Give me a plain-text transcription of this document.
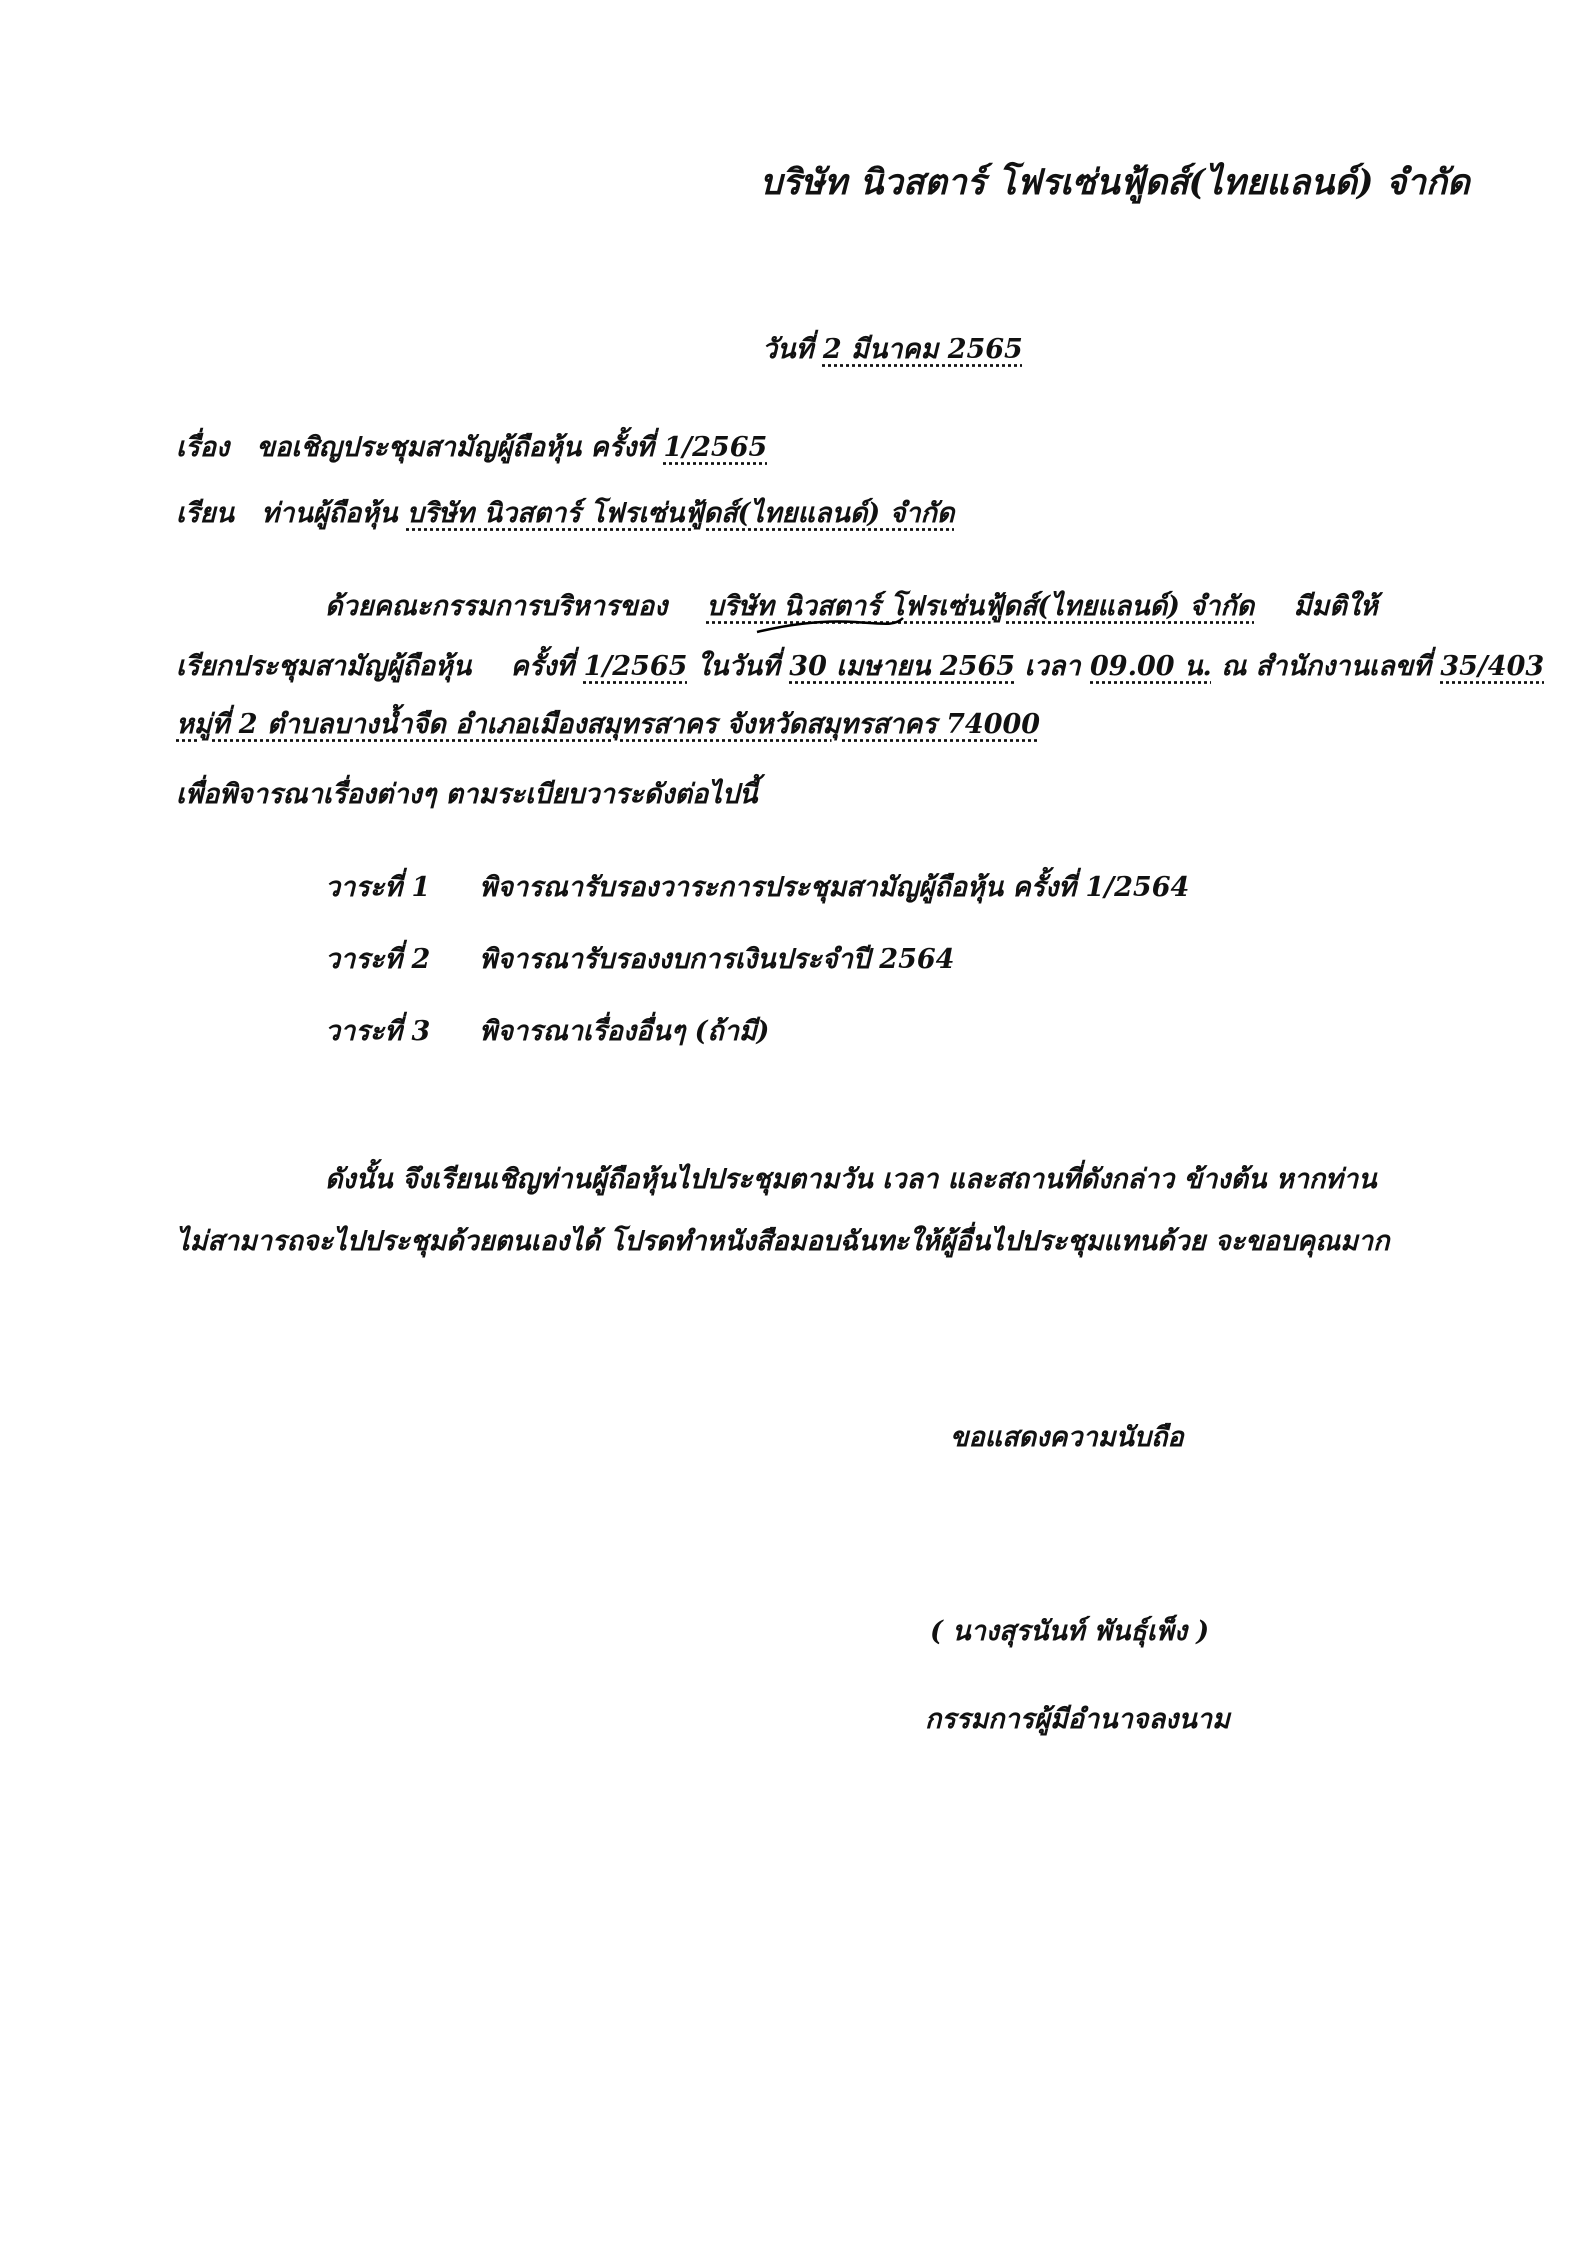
บริษัท นิวสตาร์ โฟรเซ่นฟู้ดส์(ไทยแลนด์) จำกัด
วันที่ 2 มีนาคม 2565
เรื่อง ขอเชิญประชุมสามัญผู้ถือหุ้น ครั้งที่ 1/2565
เรียน ท่านผู้ถือหุ้น บริษัท นิวสตาร์ โฟรเซ่นฟู้ดส์(ไทยแลนด์) จำกัด
ด้วยคณะกรรมการบริหารของ บริษัท นิวสตาร์ โฟรเซ่นฟู้ดส์(ไทยแลนด์) จำกัด มีมติให้
เรียกประชุมสามัญผู้ถือหุ้น ครั้งที่ 1/2565 ในวันที่ 30 เมษายน 2565 เวลา 09.00 น. ณ สำนักงานเลขที่ 35/403
หมู่ที่ 2 ตำบลบางน้ำจืด อำเภอเมืองสมุทรสาคร จังหวัดสมุทรสาคร 74000
เพื่อพิจารณาเรื่องต่างๆ ตามระเบียบวาระดังต่อไปนี้
วาระที่ 1 พิจารณารับรองวาระการประชุมสามัญผู้ถือหุ้น ครั้งที่ 1/2564
วาระที่ 2 พิจารณารับรองงบการเงินประจำปี 2564
วาระที่ 3 พิจารณาเรื่องอื่นๆ (ถ้ามี)
ดังนั้น จึงเรียนเชิญท่านผู้ถือหุ้นไปประชุมตามวัน เวลา และสถานที่ดังกล่าว ข้างต้น หากท่าน
ไม่สามารถจะไปประชุมด้วยตนเองได้ โปรดทำหนังสือมอบฉันทะให้ผู้อื่นไปประชุมแทนด้วย จะขอบคุณมาก
ขอแสดงความนับถือ
( นางสุรนันท์ พันธุ์เพ็ง )
กรรมการผู้มีอำนาจลงนาม
